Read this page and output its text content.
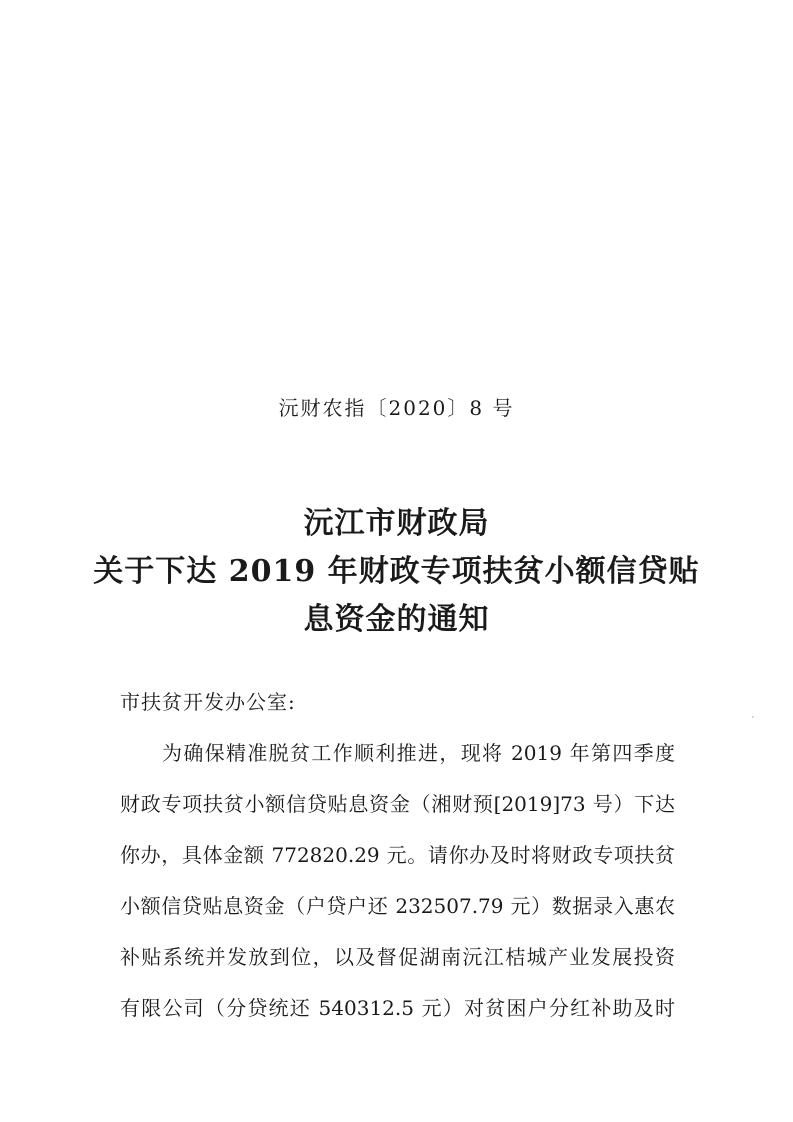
沅财农指〔2020〕8 号
沅江市财政局
关于下达 2019 年财政专项扶贫小额信贷贴
息资金的通知
市扶贫开发办公室:
为确保精准脱贫工作顺利推进，现将 2019 年第四季度
财政专项扶贫小额信贷贴息资金（湘财预[2019]73 号）下达
你办，具体金额 772820.29 元。请你办及时将财政专项扶贫
小额信贷贴息资金（户贷户还 232507.79 元）数据录入惠农
补贴系统并发放到位，以及督促湖南沅江桔城产业发展投资
有限公司（分贷统还 540312.5 元）对贫困户分红补助及时
